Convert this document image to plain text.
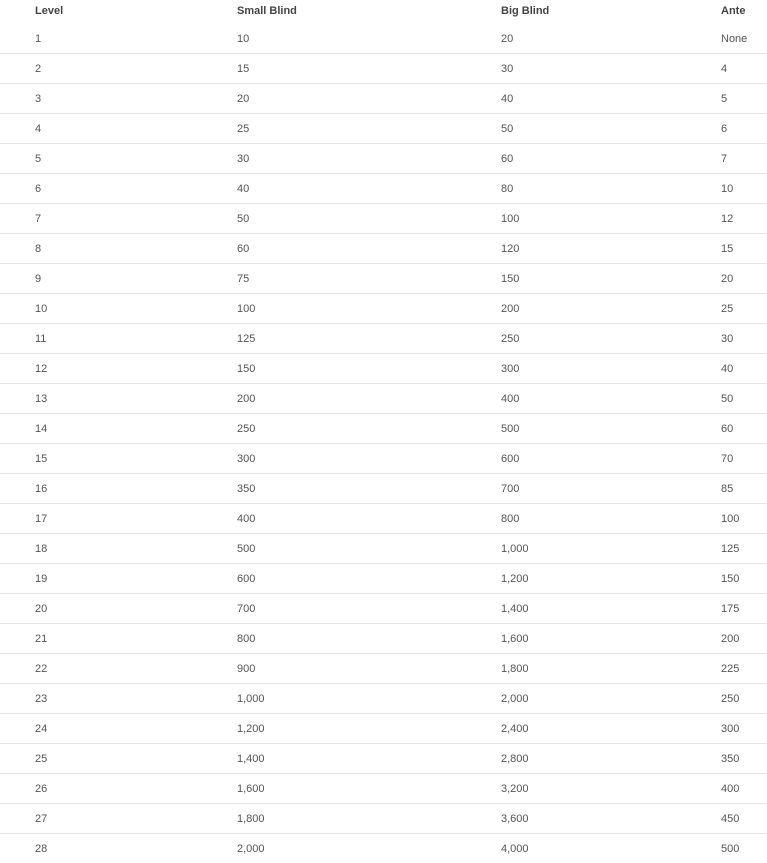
Level	Small Blind	Big Blind	Ante
1	10	20	None
2	15	30	4
3	20	40	5
4	25	50	6
5	30	60	7
6	40	80	10
7	50	100	12
8	60	120	15
9	75	150	20
10	100	200	25
11	125	250	30
12	150	300	40
13	200	400	50
14	250	500	60
15	300	600	70
16	350	700	85
17	400	800	100
18	500	1,000	125
19	600	1,200	150
20	700	1,400	175
21	800	1,600	200
22	900	1,800	225
23	1,000	2,000	250
24	1,200	2,400	300
25	1,400	2,800	350
26	1,600	3,200	400
27	1,800	3,600	450
28	2,000	4,000	500
